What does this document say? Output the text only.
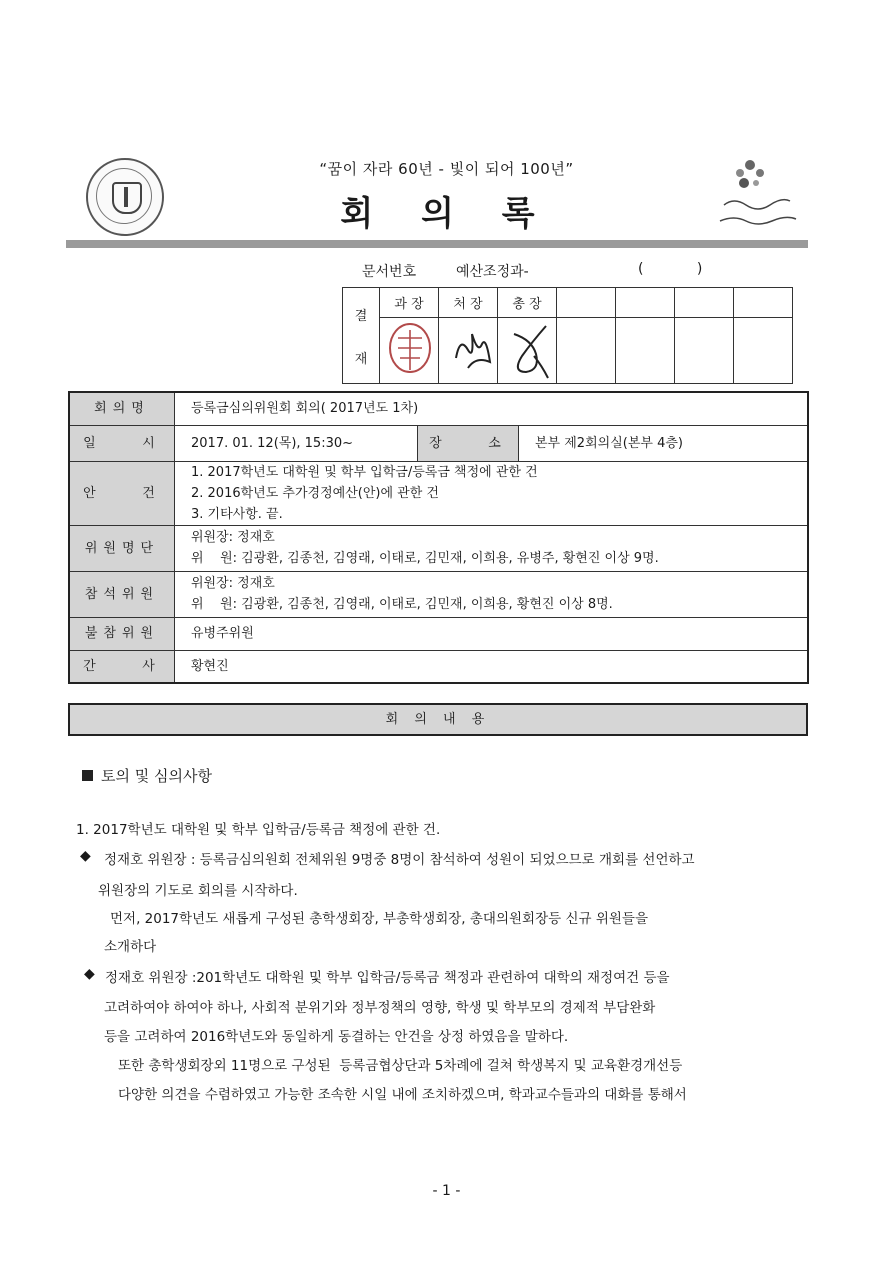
“꿈이 자라 60년 - 빛이 되어 100년”
회 의 록
문서번호	예산조정과-	(            )
결
재	과 장	처 장	총 장				

회의명	등록금심의위원회 회의( 2017년도 1차)		
일    시	2017. 01. 12(목), 15:30~	장    소	본부 제2회의실(본부 4층)
안    건	1. 2017학년도 대학원 및 학부 입학금/등록금 책정에 관한 건
2. 2016학년도 추가경정예산(안)에 관한 건
3. 기타사항. 끝.		

위원명단	위원장: 정재호
위    원: 김광환, 김종천, 김영래, 이태로, 김민재, 이희용, 유병주, 황현진 이상 9명.		

참석위원	위원장: 정재호
위    원: 김광환, 김종천, 김영래, 이태로, 김민재, 이희용, 황현진 이상 8명.		

불참위원	유병주위원		
간    사	황현진		
회 의 내 용
토의 및 심의사항
1. 2017학년도 대학원 및 학부 입학금/등록금 책정에 관한 건.
◆ 정재호 위원장 : 등록금심의원회 전체위원 9명중 8명이 참석하여 성원이 되었으므로 개회를 선언하고
위원장의 기도로 회의를 시작하다.
먼저, 2017학년도 새롭게 구성된 총학생회장, 부총학생회장, 총대의원회장등 신규 위원들을
소개하다
◆ 정재호 위원장 :201학년도 대학원 및 학부 입학금/등록금 책정과 관련하여 대학의 재정여건 등을
고려하여야 하여야 하나, 사회적 분위기와 정부정책의 영향, 학생 및 학부모의 경제적 부담완화
등을 고려하여 2016학년도와 동일하게 동결하는 안건을 상정 하였음을 말하다.
또한 총학생회장외 11명으로 구성된  등록금협상단과 5차례에 걸쳐 학생복지 및 교육환경개선등
다양한 의견을 수렴하였고 가능한 조속한 시일 내에 조치하겠으며, 학과교수들과의 대화를 통해서
- 1 -
